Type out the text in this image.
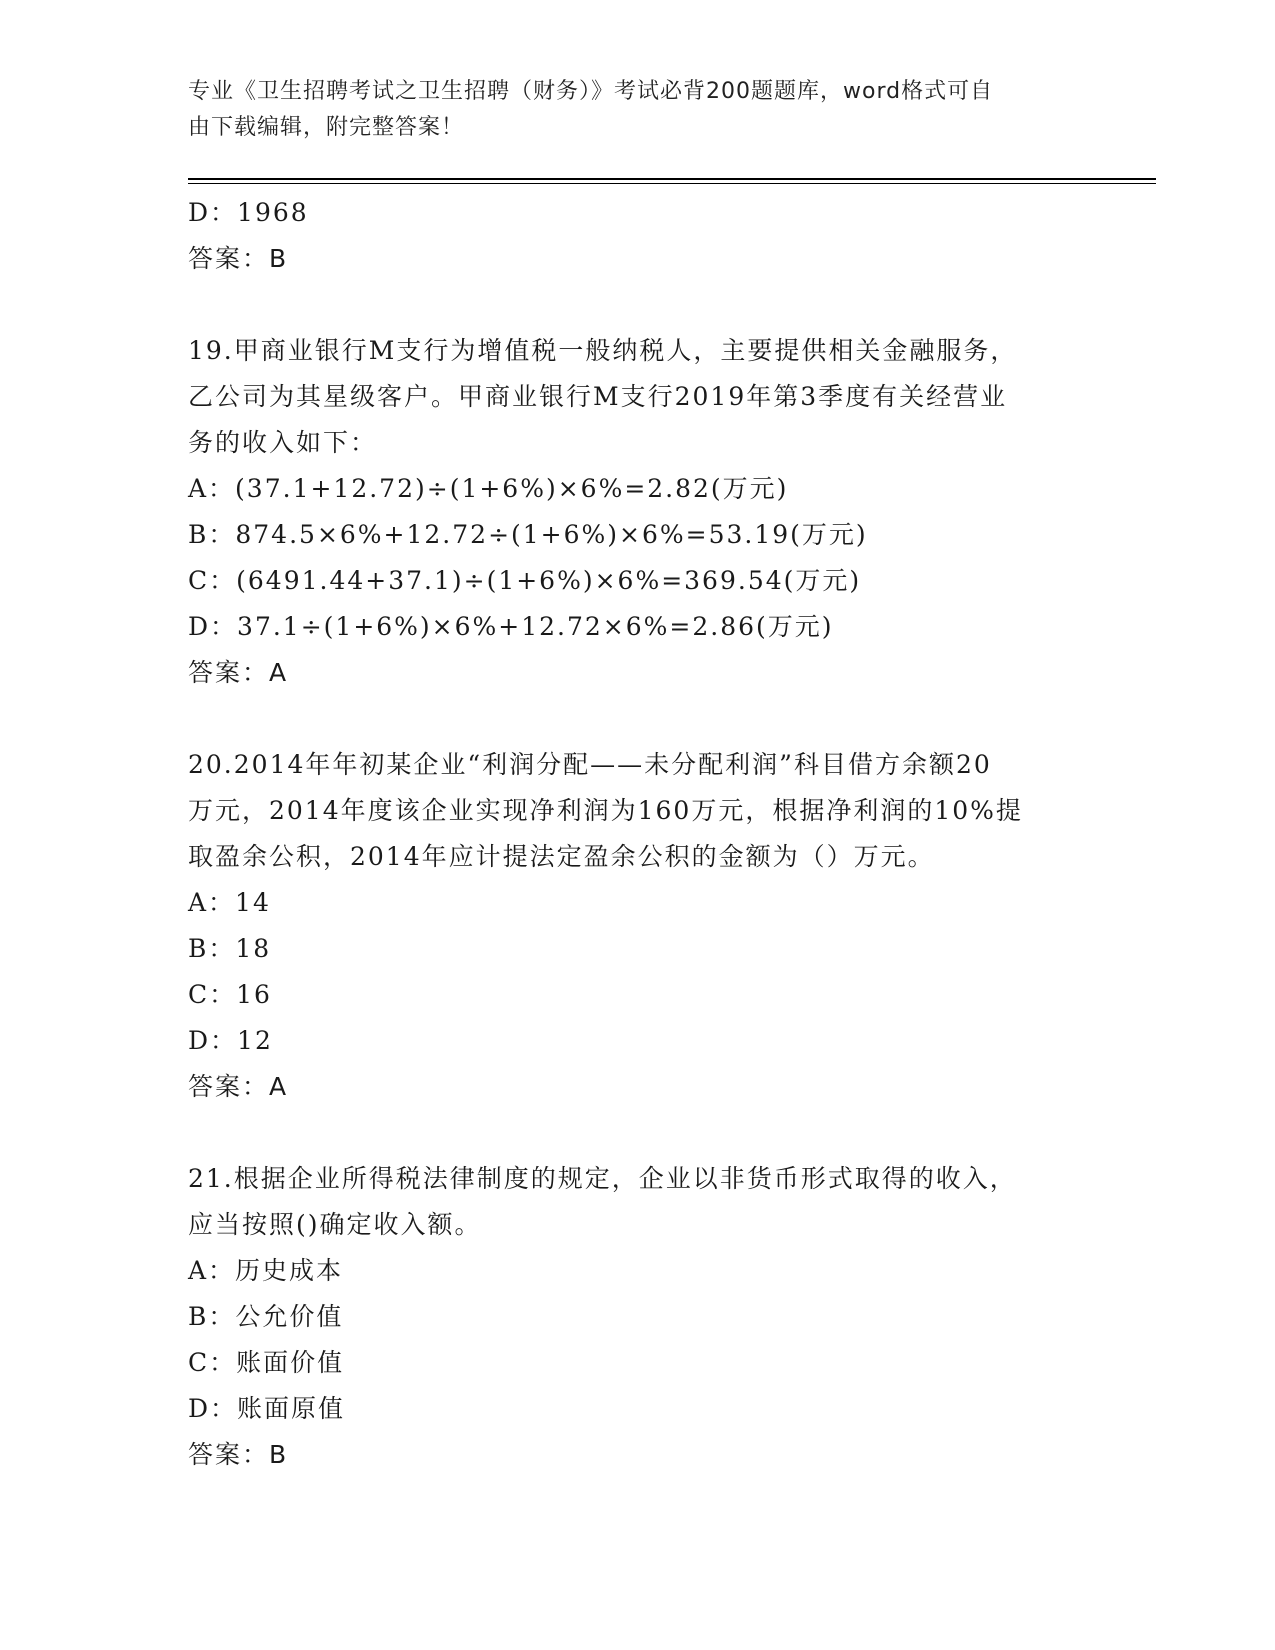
专业《卫生招聘考试之卫生招聘（财务）》考试必背200题题库，word格式可自
由下载编辑，附完整答案！
D：1968
答案：B
19.甲商业银行M支行为增值税一般纳税人，主要提供相关金融服务，
乙公司为其星级客户。甲商业银行M支行2019年第3季度有关经营业
务的收入如下：
A：(37.1+12.72)÷(1+6%)×6%=2.82(万元)
B：874.5×6%+12.72÷(1+6%)×6%=53.19(万元)
C：(6491.44+37.1)÷(1+6%)×6%=369.54(万元)
D：37.1÷(1+6%)×6%+12.72×6%=2.86(万元)
答案：A
20.2014年年初某企业“利润分配——未分配利润”科目借方余额20
万元，2014年度该企业实现净利润为160万元，根据净利润的10%提
取盈余公积，2014年应计提法定盈余公积的金额为（）万元。
A：14
B：18
C：16
D：12
答案：A
21.根据企业所得税法律制度的规定，企业以非货币形式取得的收入，
应当按照()确定收入额。
A：历史成本
B：公允价值
C：账面价值
D：账面原值
答案：B
